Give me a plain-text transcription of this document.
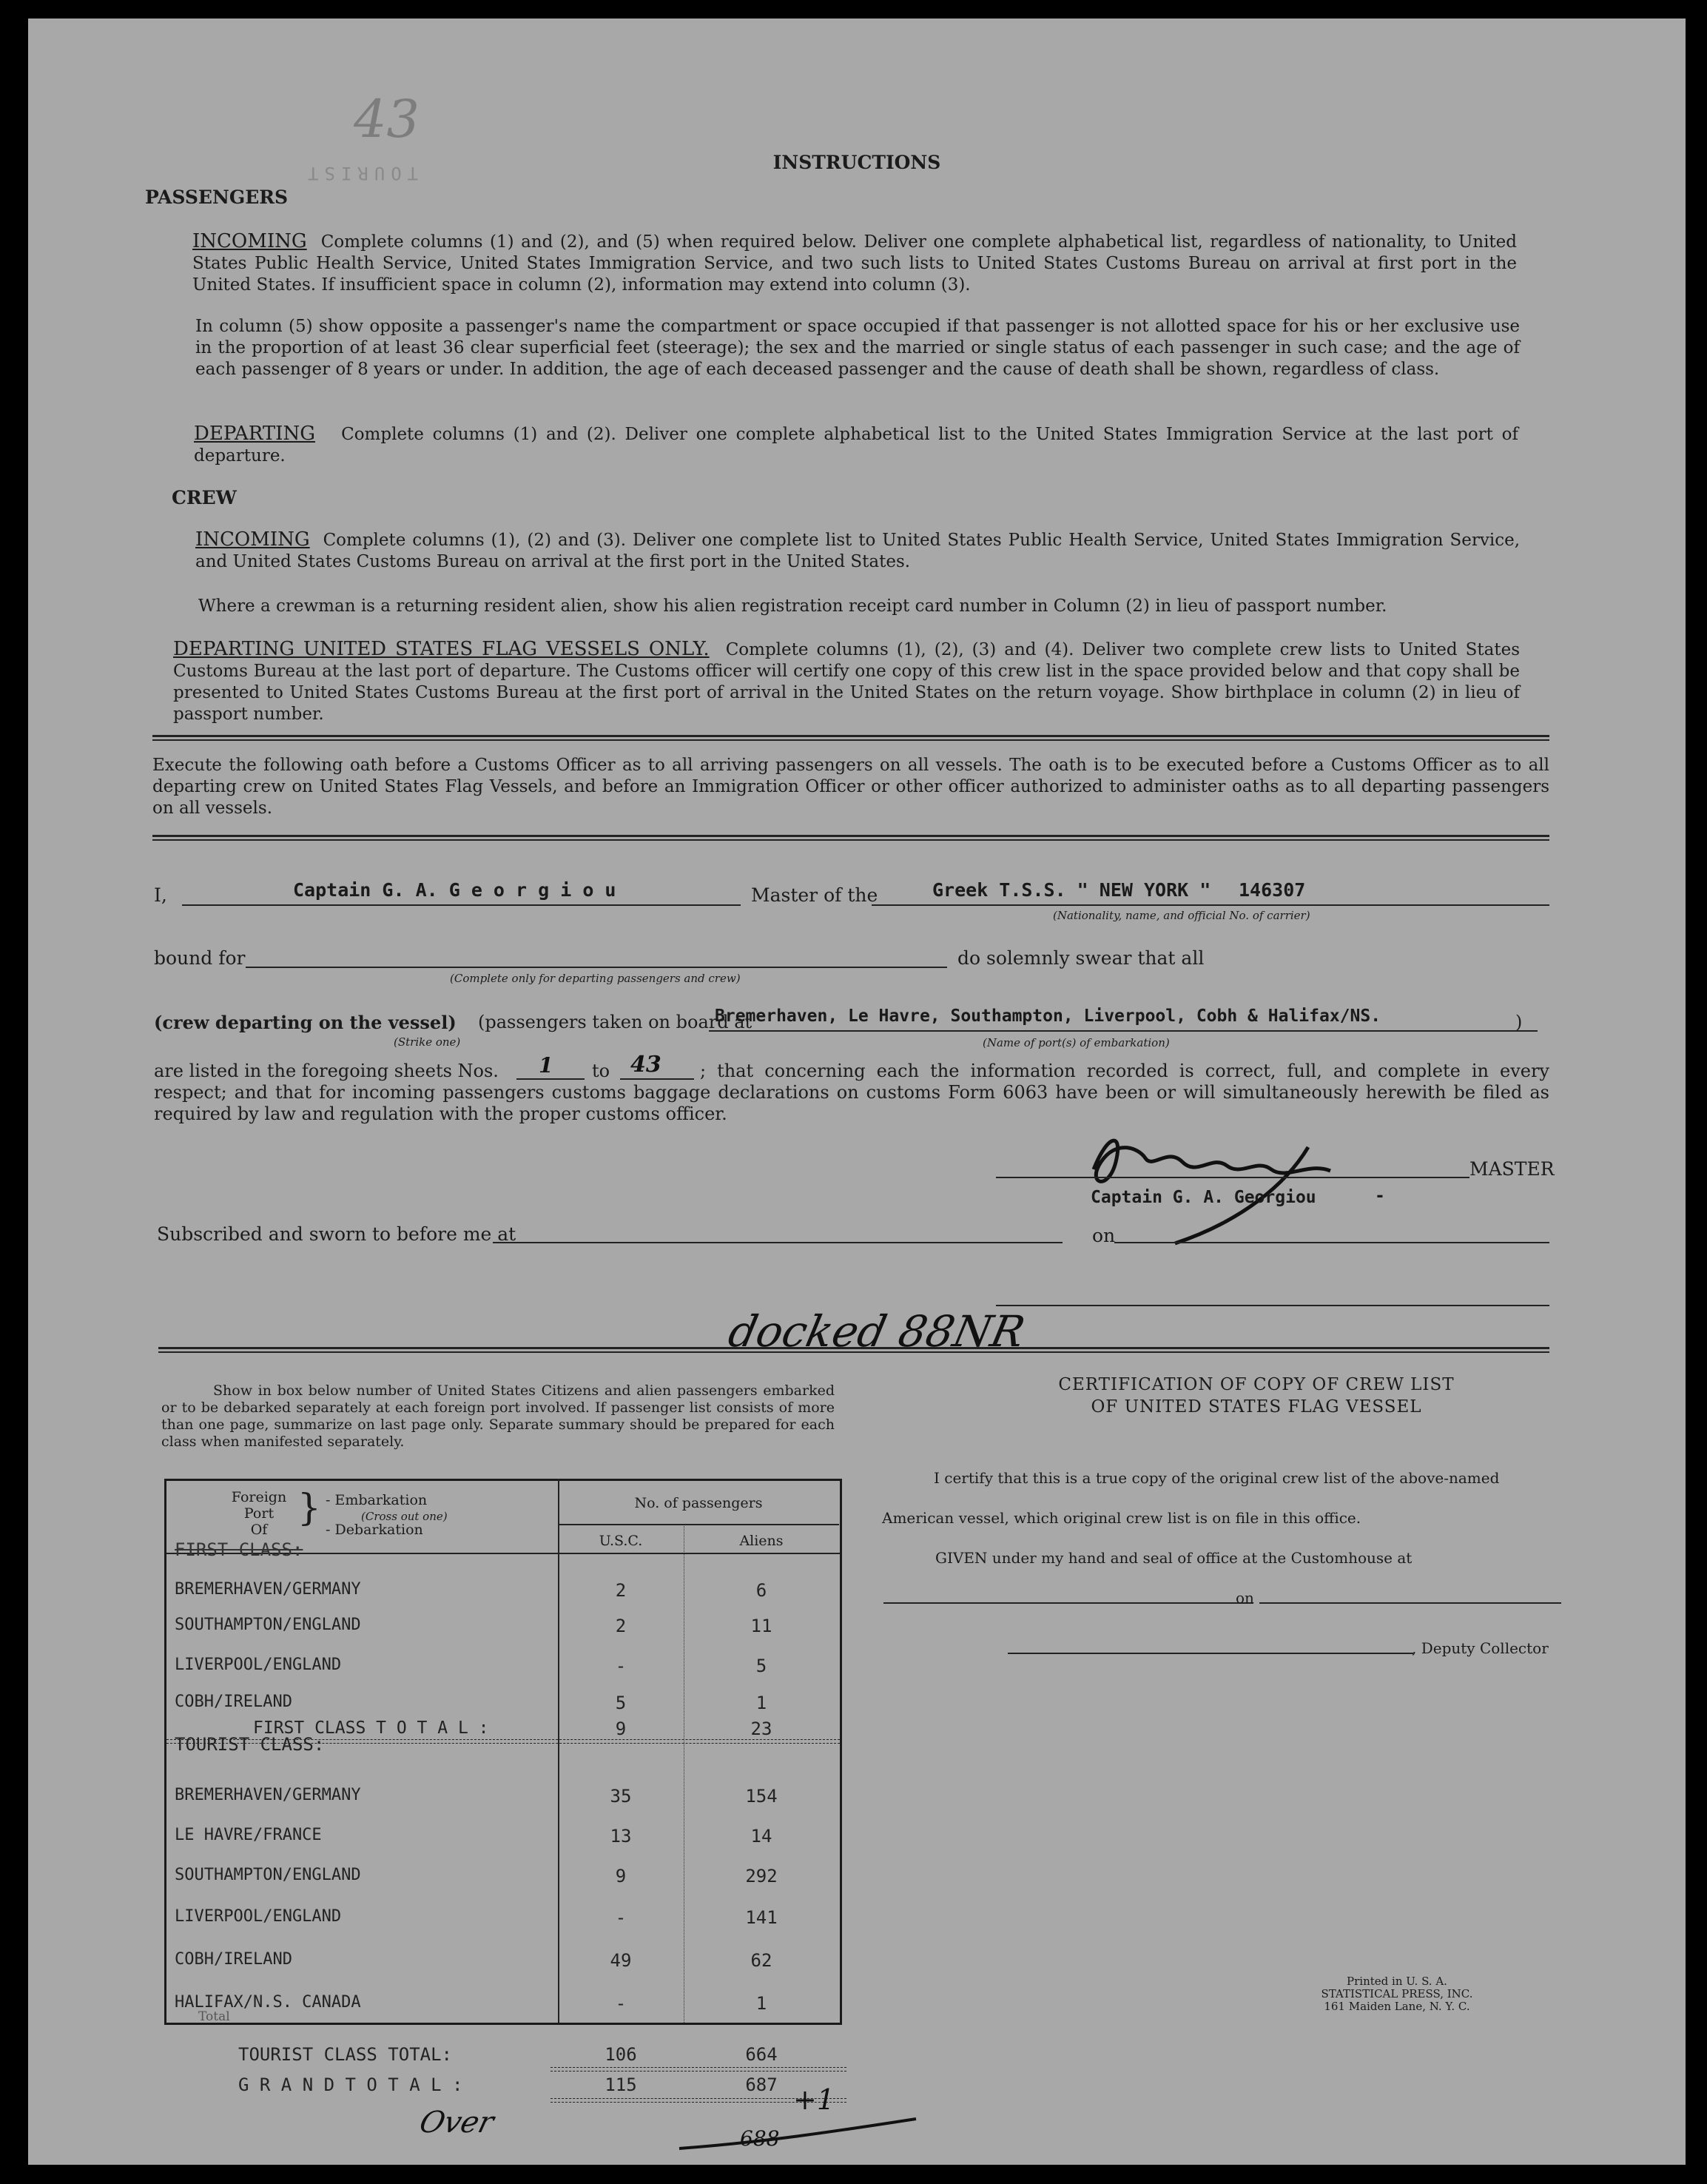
43
TOURIST	INSTRUCTIONS
PASSENGERS
INCOMING Complete columns (1) and (2), and (5) when required below. Deliver one complete alphabetical list, regardless of nationality, to United States Public Health Service, United States Immigration Service, and two such lists to United States Customs Bureau on arrival at first port in the United States. If insufficient space in column (2), information may extend into column (3).
In column (5) show opposite a passenger's name the compartment or space occupied if that passenger is not allotted space for his or her exclusive use in the proportion of at least 36 clear superficial feet (steerage); the sex and the married or single status of each passenger in such case; and the age of each passenger of 8 years or under. In addition, the age of each deceased passenger and the cause of death shall be shown, regardless of class.
DEPARTING Complete columns (1) and (2). Deliver one complete alphabetical list to the United States Immigration Service at the last port of departure.
CREW
INCOMING Complete columns (1), (2) and (3). Deliver one complete list to United States Public Health Service, United States Immigration Service, and United States Customs Bureau on arrival at the first port in the United States.
Where a crewman is a returning resident alien, show his alien registration receipt card number in Column (2) in lieu of passport number.
DEPARTING UNITED STATES FLAG VESSELS ONLY. Complete columns (1), (2), (3) and (4). Deliver two complete crew lists to United States Customs Bureau at the last port of departure. The Customs officer will certify one copy of this crew list in the space provided below and that copy shall be presented to United States Customs Bureau at the first port of arrival in the United States on the return voyage. Show birthplace in column (2) in lieu of passport number.
Execute the following oath before a Customs Officer as to all arriving passengers on all vessels. The oath is to be executed before a Customs Officer as to all departing crew on United States Flag Vessels, and before an Immigration Officer or other officer authorized to administer oaths as to all departing passengers on all vessels.
I,	Captain G. A. G e o r g i o u	Master of the	Greek T.S.S. " NEW YORK " 146307
(Nationality, name, and official No. of carrier)
bound for
(Complete only for departing passengers and crew)
do solemnly swear that all
(crew departing on the vessel)
(Strike one)
(passengers taken on board at
Bremerhaven, Le Havre, Southampton, Liverpool, Cobh & Halifax/NS.
(Name of port(s) of embarkation)
)
are listed in the foregoing sheets Nos. 1 to 43	; that concerning each the information recorded is correct, full, and complete in every respect; and that for incoming passengers customs baggage declarations on customs Form 6063 have been or will simultaneously herewith be filed as required by law and regulation with the proper customs officer.
MASTER
Captain G. A. Georgiou	-
Subscribed and sworn to before me at	on
docked 88NR
Show in box below number of United States Citizens and alien passengers embarked or to be debarked separately at each foreign port involved. If passenger list consists of more than one page, summarize on last page only. Separate summary should be prepared for each class when manifested separately.
Foreign
Port
Of
} - Embarkation
(Cross out one)
- Debarkation
No. of passengers
U.S.C.	Aliens
FIRST CLASS:
BREMERHAVEN/GERMANY	2	6
SOUTHAMPTON/ENGLAND	2	11
LIVERPOOL/ENGLAND	-	5
COBH/IRELAND	5	1
FIRST CLASS T O T A L :	9	23
TOURIST CLASS:
BREMERHAVEN/GERMANY	35	154
LE HAVRE/FRANCE	13	14
SOUTHAMPTON/ENGLAND	9	292
LIVERPOOL/ENGLAND	-	141
COBH/IRELAND	49	62
HALIFAX/N.S. CANADA	-	1
Total
TOURIST CLASS TOTAL:	106	664
G R A N D T O T A L :	115	687
Over
+1
688
CERTIFICATION OF COPY OF CREW LIST
OF UNITED STATES FLAG VESSEL
I certify that this is a true copy of the original crew list of the above-named
American vessel, which original crew list is on file in this office.
GIVEN under my hand and seal of office at the Customhouse at
on
, Deputy Collector
Printed in U. S. A.
STATISTICAL PRESS, INC.
161 Maiden Lane, N. Y. C.
